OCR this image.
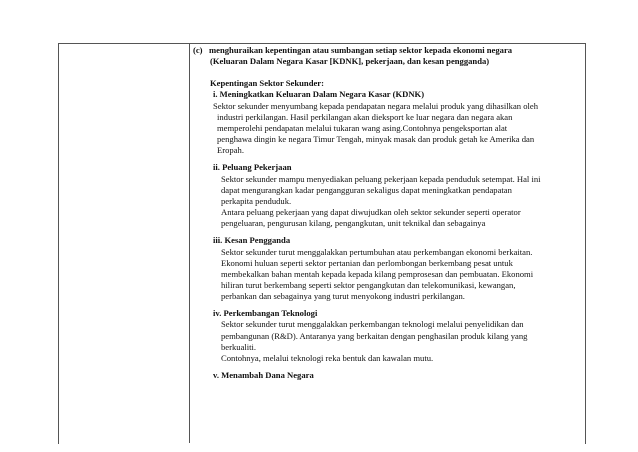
(c) menghuraikan kepentingan atau sumbangan setiap sektor kepada ekonomi negara
(Keluaran Dalam Negara Kasar [KDNK], pekerjaan, dan kesan pengganda)
Kepentingan Sektor Sekunder:
i. Meningkatkan Keluaran Dalam Negara Kasar (KDNK)
Sektor sekunder menyumbang kepada pendapatan negara melalui produk yang dihasilkan oleh
industri perkilangan. Hasil perkilangan akan dieksport ke luar negara dan negara akan
memperolehi pendapatan melalui tukaran wang asing.Contohnya pengeksportan alat
penghawa dingin ke negara Timur Tengah, minyak masak dan produk getah ke Amerika dan
Eropah.
ii. Peluang Pekerjaan
Sektor sekunder mampu menyediakan peluang pekerjaan kepada penduduk setempat. Hal ini
dapat mengurangkan kadar pengangguran sekaligus dapat meningkatkan pendapatan
perkapita penduduk.
Antara peluang pekerjaan yang dapat diwujudkan oleh sektor sekunder seperti operator
pengeluaran, pengurusan kilang, pengangkutan, unit teknikal dan sebagainya
iii. Kesan Pengganda
Sektor sekunder turut menggalakkan pertumbuhan atau perkembangan ekonomi berkaitan.
Ekonomi huluan seperti sektor pertanian dan perlombongan berkembang pesat untuk
membekalkan bahan mentah kepada kepada kilang pemprosesan dan pembuatan. Ekonomi
hiliran turut berkembang seperti sektor pengangkutan dan telekomunikasi, kewangan,
perbankan dan sebagainya yang turut menyokong industri perkilangan.
iv. Perkembangan Teknologi
Sektor sekunder turut menggalakkan perkembangan teknologi melalui penyelidikan dan
pembangunan (R&D). Antaranya yang berkaitan dengan penghasilan produk kilang yang
berkualiti.
Contohnya, melalui teknologi reka bentuk dan kawalan mutu.
v. Menambah Dana Negara
